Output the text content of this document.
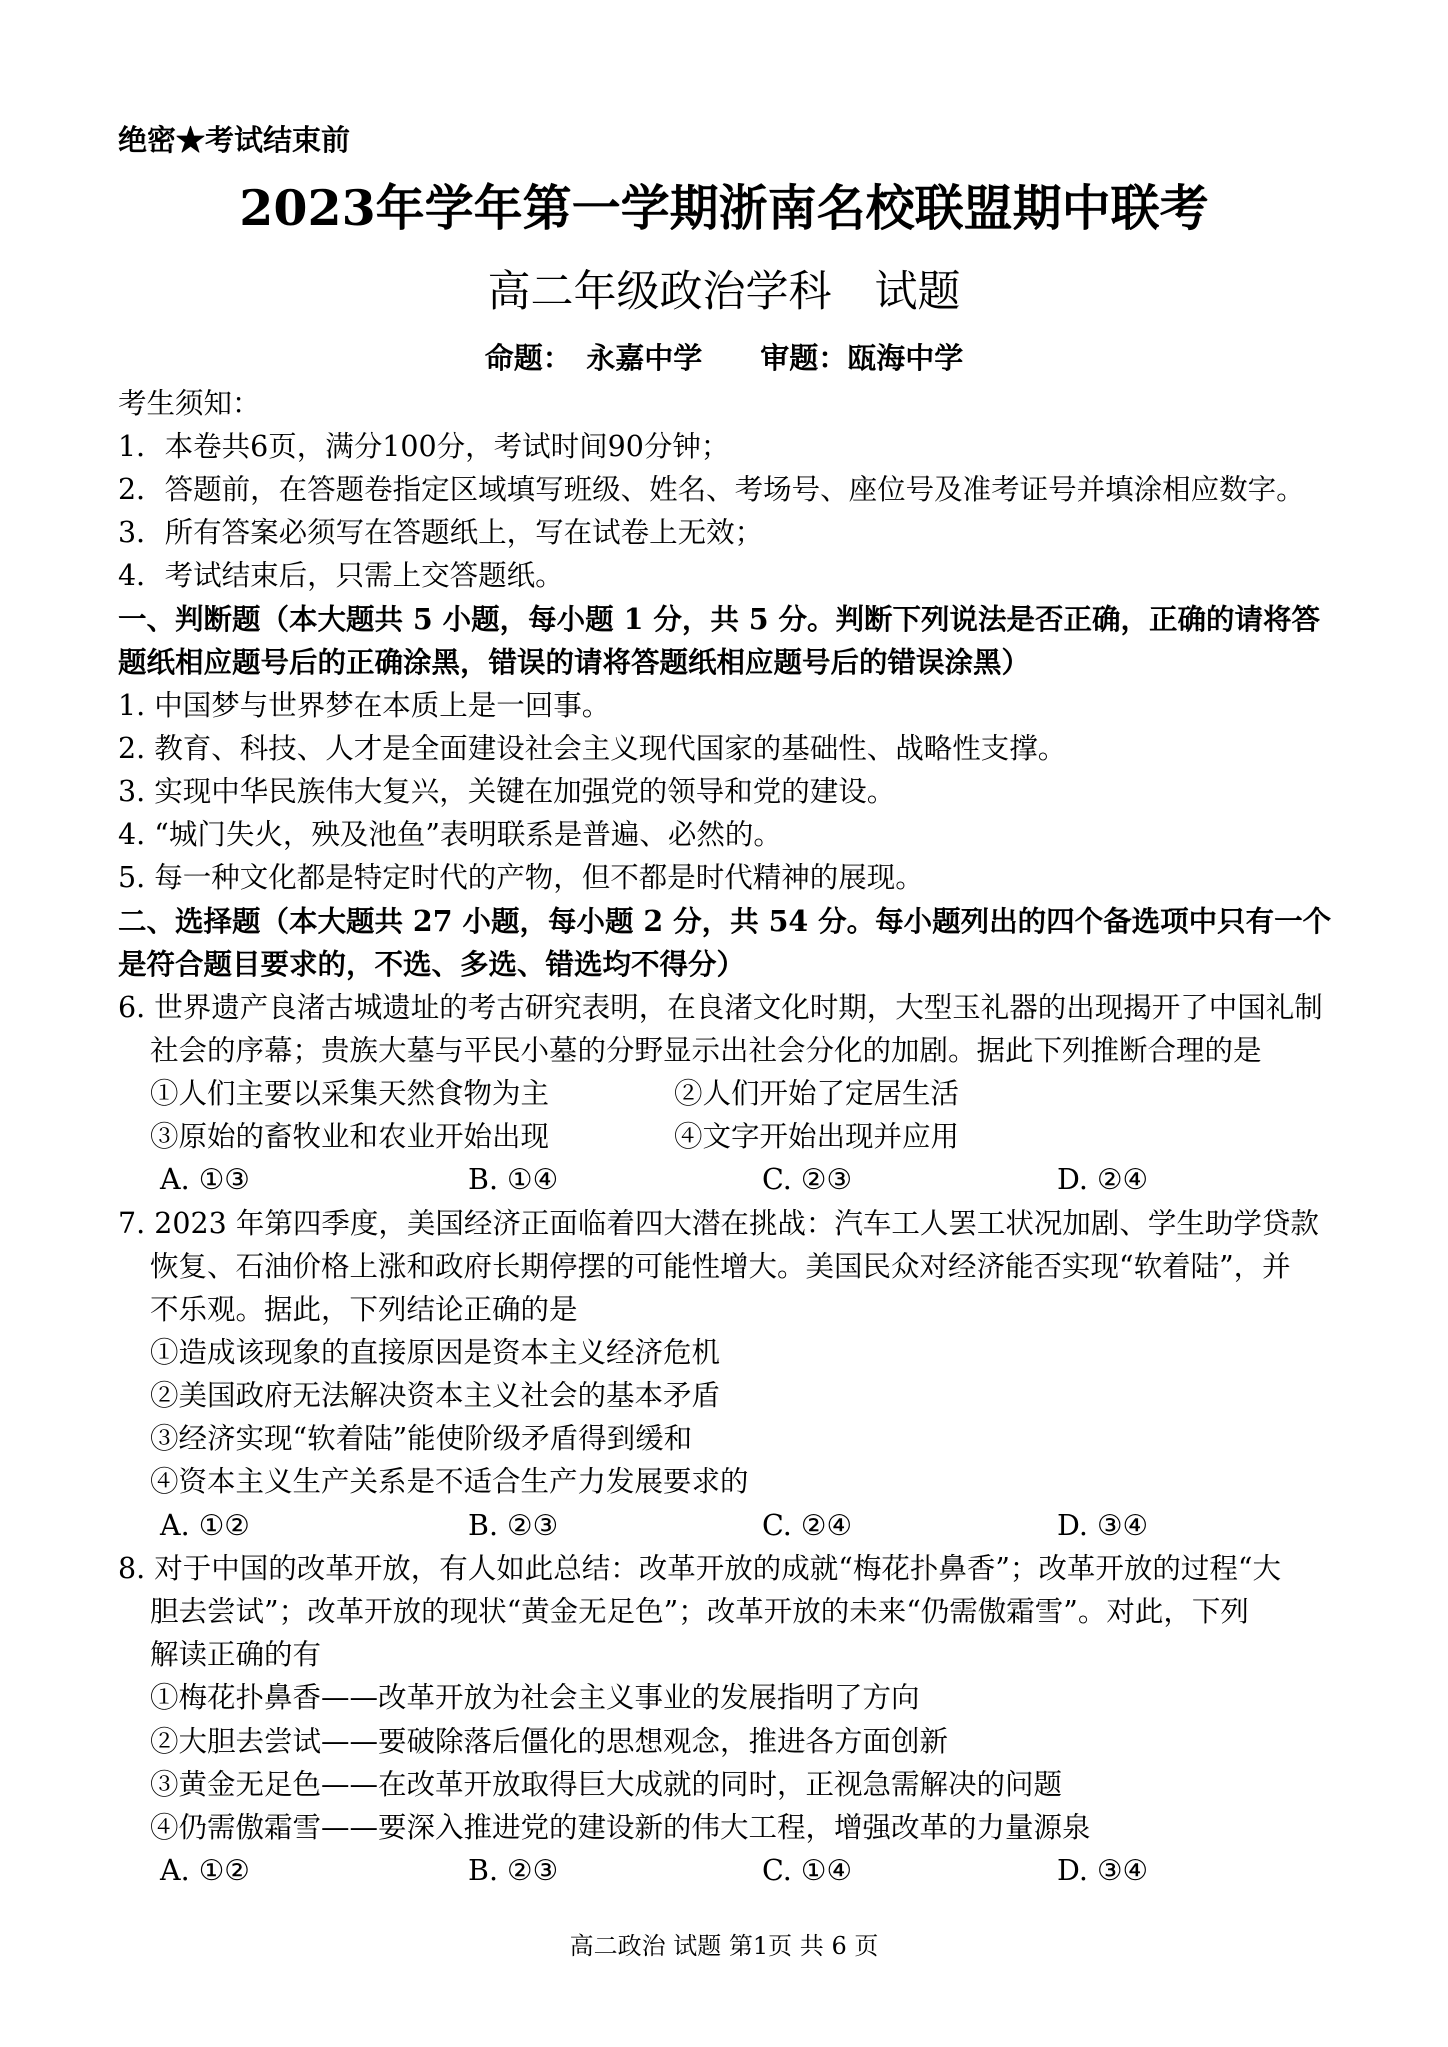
绝密★考试结束前
2023年学年第一学期浙南名校联盟期中联考
高二年级政治学科　试题
命题：　永嘉中学 审题：瓯海中学
考生须知：
1．本卷共6页，满分100分，考试时间90分钟；
2．答题前，在答题卷指定区域填写班级、姓名、考场号、座位号及准考证号并填涂相应数字。
3．所有答案必须写在答题纸上，写在试卷上无效；
4．考试结束后，只需上交答题纸。
一、判断题（本大题共 5 小题，每小题 1 分，共 5 分。判断下列说法是否正确，正确的请将答
题纸相应题号后的正确涂黑，错误的请将答题纸相应题号后的错误涂黑）
1. 中国梦与世界梦在本质上是一回事。
2. 教育、科技、人才是全面建设社会主义现代国家的基础性、战略性支撑。
3. 实现中华民族伟大复兴，关键在加强党的领导和党的建设。
4. “城门失火，殃及池鱼”表明联系是普遍、必然的。
5. 每一种文化都是特定时代的产物，但不都是时代精神的展现。
二、选择题（本大题共 27 小题，每小题 2 分，共 54 分。每小题列出的四个备选项中只有一个
是符合题目要求的，不选、多选、错选均不得分）
6. 世界遗产良渚古城遗址的考古研究表明，在良渚文化时期，大型玉礼器的出现揭开了中国礼制
社会的序幕；贵族大墓与平民小墓的分野显示出社会分化的加剧。据此下列推断合理的是
①人们主要以采集天然食物为主	②人们开始了定居生活
③原始的畜牧业和农业开始出现	④文字开始出现并应用
A. ①③	B. ①④	C. ②③	D. ②④
7. 2023 年第四季度，美国经济正面临着四大潜在挑战：汽车工人罢工状况加剧、学生助学贷款
恢复、石油价格上涨和政府长期停摆的可能性增大。美国民众对经济能否实现“软着陆”，并
不乐观。据此，下列结论正确的是
①造成该现象的直接原因是资本主义经济危机
②美国政府无法解决资本主义社会的基本矛盾
③经济实现“软着陆”能使阶级矛盾得到缓和
④资本主义生产关系是不适合生产力发展要求的
A. ①②	B. ②③	C. ②④	D. ③④
8. 对于中国的改革开放，有人如此总结：改革开放的成就“梅花扑鼻香”；改革开放的过程“大
胆去尝试”；改革开放的现状“黄金无足色”；改革开放的未来“仍需傲霜雪”。对此，下列
解读正确的有
①梅花扑鼻香——改革开放为社会主义事业的发展指明了方向
②大胆去尝试——要破除落后僵化的思想观念，推进各方面创新
③黄金无足色——在改革开放取得巨大成就的同时，正视急需解决的问题
④仍需傲霜雪——要深入推进党的建设新的伟大工程，增强改革的力量源泉
A. ①②	B. ②③	C. ①④	D. ③④
高二政治 试题 第1页 共 6 页
